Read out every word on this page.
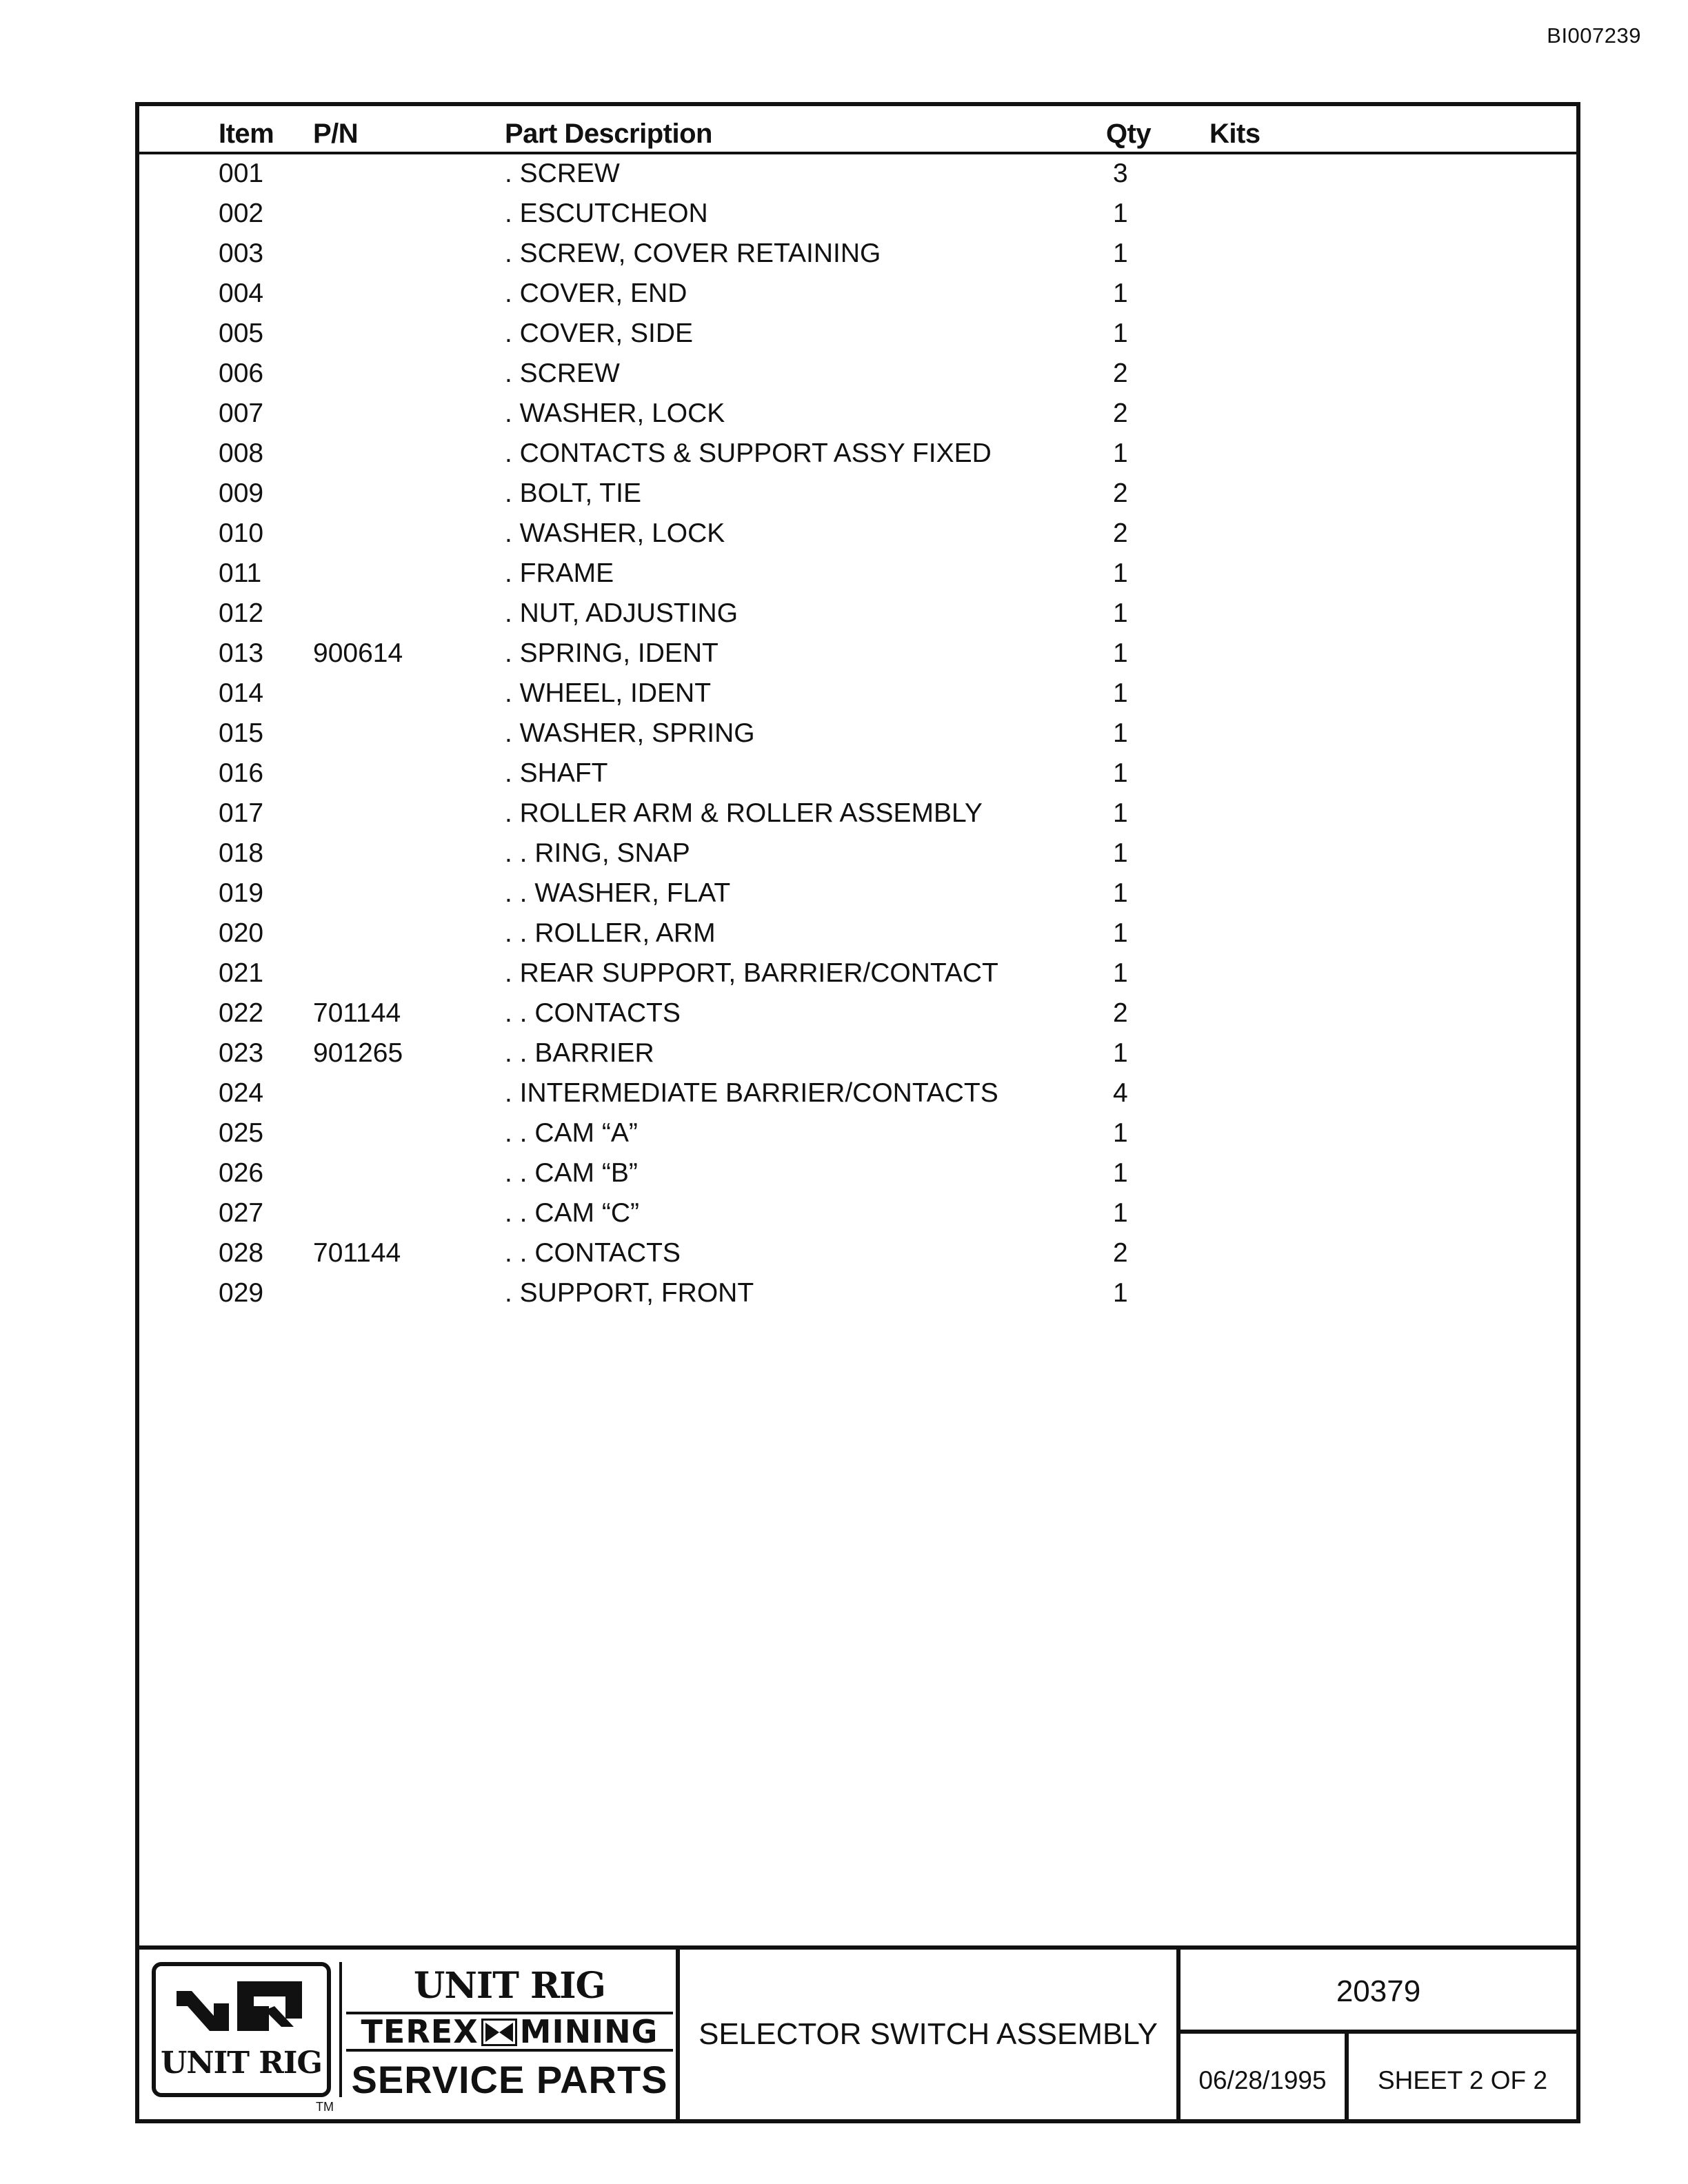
BI007239
Item P/N	Part Description	Qty Kits
001	. SCREW	3
002	. ESCUTCHEON	1
003	. SCREW, COVER RETAINING	1
004	. COVER, END	1
005	. COVER, SIDE	1
006	. SCREW	2
007	. WASHER, LOCK	2
008	. CONTACTS & SUPPORT ASSY FIXED	1
009	. BOLT, TIE	2
010	. WASHER, LOCK	2
011	. FRAME	1
012	. NUT, ADJUSTING	1
013 900614	. SPRING, IDENT	1
014	. WHEEL, IDENT	1
015	. WASHER, SPRING	1
016	. SHAFT	1
017	. ROLLER ARM & ROLLER ASSEMBLY	1
018	. . RING, SNAP	1
019	. . WASHER, FLAT	1
020	. . ROLLER, ARM	1
021	. REAR SUPPORT, BARRIER/CONTACT	1
022 701144	. . CONTACTS	2
023 901265	. . BARRIER	1
024	. INTERMEDIATE BARRIER/CONTACTS	4
025	. . CAM “A”	1
026	. . CAM “B”	1
027	. . CAM “C”	1
028 701144	. . CONTACTS	2
029	. SUPPORT, FRONT	1
UNIT RIG
TM
UNIT RIG
TEREX MINING
SERVICE PARTS
SELECTOR SWITCH ASSEMBLY
20379
06/28/1995	SHEET 2 OF 2
